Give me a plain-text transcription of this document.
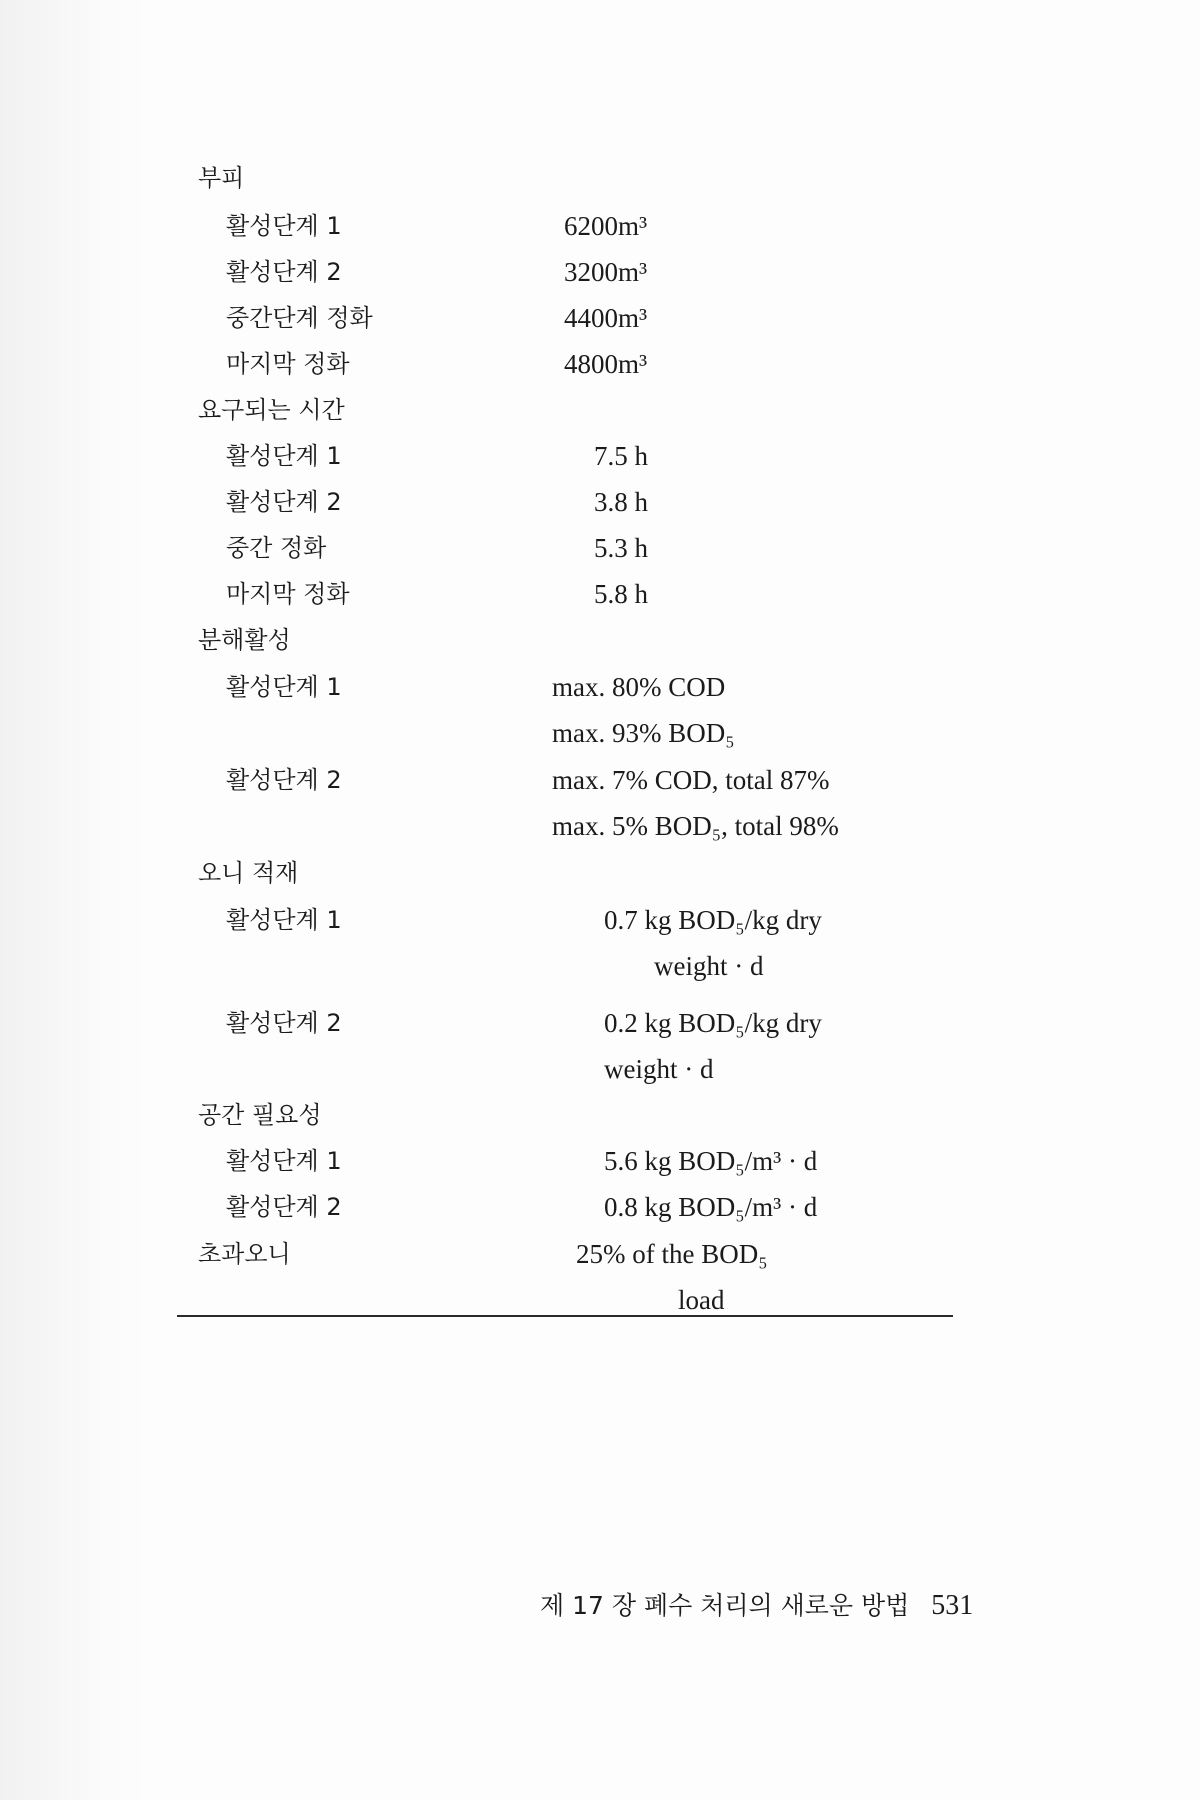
부피
활성단계 1	6200m³
활성단계 2	3200m³
중간단계 정화	4400m³
마지막 정화	4800m³
요구되는 시간
활성단계 1	7.5 h
활성단계 2	3.8 h
중간 정화	5.3 h
마지막 정화	5.8 h
분해활성
활성단계 1	max. 80% COD
max. 93% BOD₅
활성단계 2	max. 7% COD, total 87%
max. 5% BOD₅, total 98%
오니 적재
활성단계 1	0.7 kg BOD₅/kg dry
weight · d
활성단계 2	0.2 kg BOD₅/kg dry
weight · d
공간 필요성
활성단계 1	5.6 kg BOD₅/m³ · d
활성단계 2	0.8 kg BOD₅/m³ · d
초과오니	25% of the BOD₅
load
제 17 장 폐수 처리의 새로운 방법 531
